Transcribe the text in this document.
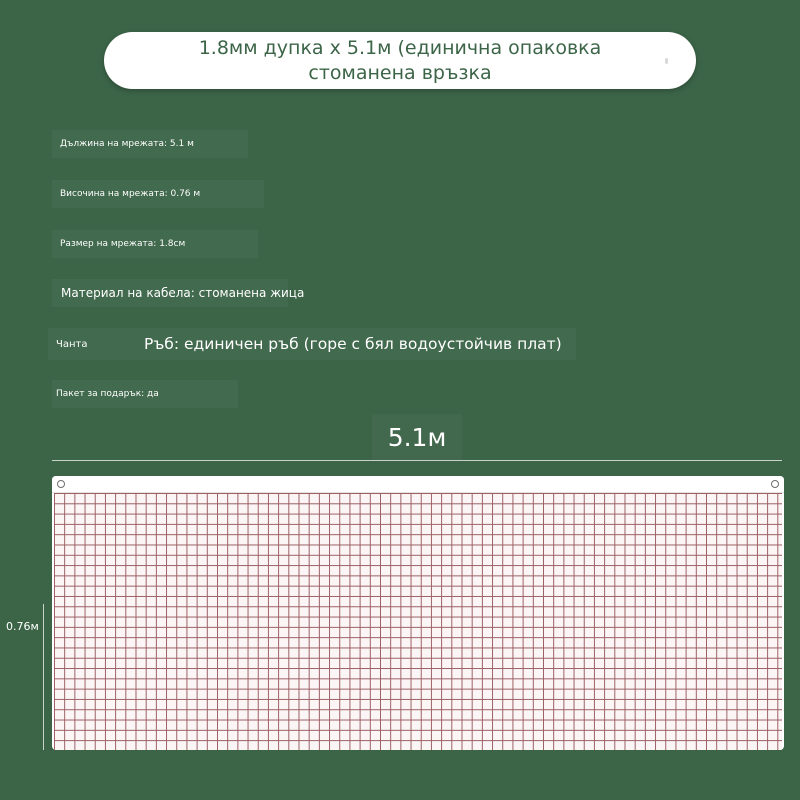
1.8мм дупка х 5.1м (единична опаковка
стоманена връзка
Дължина на мрежата: 5.1 м
Височина на мрежата: 0.76 м
Размер на мрежата: 1.8см
Материал на кабела: стоманена жица
Чанта	Ръб: единичен ръб (горе с бял водоустойчив плат)
Пакет за подарък: да
5.1м
0.76м
